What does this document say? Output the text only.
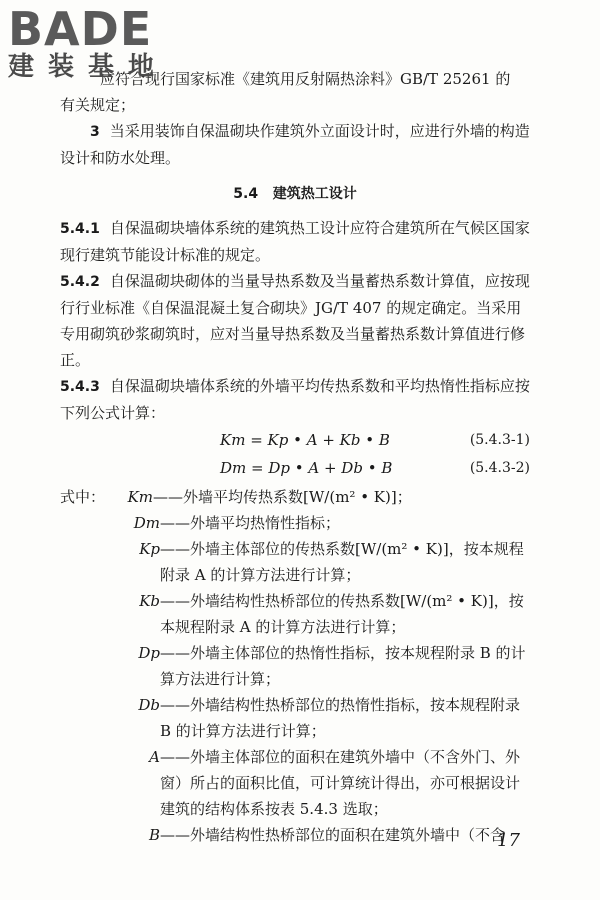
BADE
建装基地

应符合现行国家标准《建筑用反射隔热涂料》GB/T 25261 的

有关规定；

3 当采用装饰自保温砌块作建筑外立面设计时，应进行外墙的构造设计和防水处理。

5.4 建筑热工设计

5.4.1 自保温砌块墙体系统的建筑热工设计应符合建筑所在气候区国家现行建筑节能设计标准的规定。

5.4.2 自保温砌块砌体的当量导热系数及当量蓄热系数计算值，应按现行行业标准《自保温混凝土复合砌块》JG/T 407 的规定确定。当采用专用砌筑砂浆砌筑时，应对当量导热系数及当量蓄热系数计算值进行修正。

5.4.3 自保温砌块墙体系统的外墙平均传热系数和平均热惰性指标应按下列公式计算：

Km = Kp • A + Kb • B	(5.4.3-1)
Dm = Dp • A + Db • B	(5.4.3-2)
式中：	Km ——外墙平均传热系数[W/(m² • K)]；
Dm ——外墙平均热惰性指标；
Kp ——外墙主体部位的传热系数[W/(m² • K)]，按本规程附录 A 的计算方法进行计算；
Kb ——外墙结构性热桥部位的传热系数[W/(m² • K)]，按本规程附录 A 的计算方法进行计算；
Dp ——外墙主体部位的热惰性指标，按本规程附录 B 的计算方法进行计算；
Db ——外墙结构性热桥部位的热惰性指标，按本规程附录 B 的计算方法进行计算；
A ——外墙主体部位的面积在建筑外墙中（不含外门、外窗）所占的面积比值，可计算统计得出，亦可根据设计建筑的结构体系按表 5.4.3 选取；
B ——外墙结构性热桥部位的面积在建筑外墙中（不含
17
